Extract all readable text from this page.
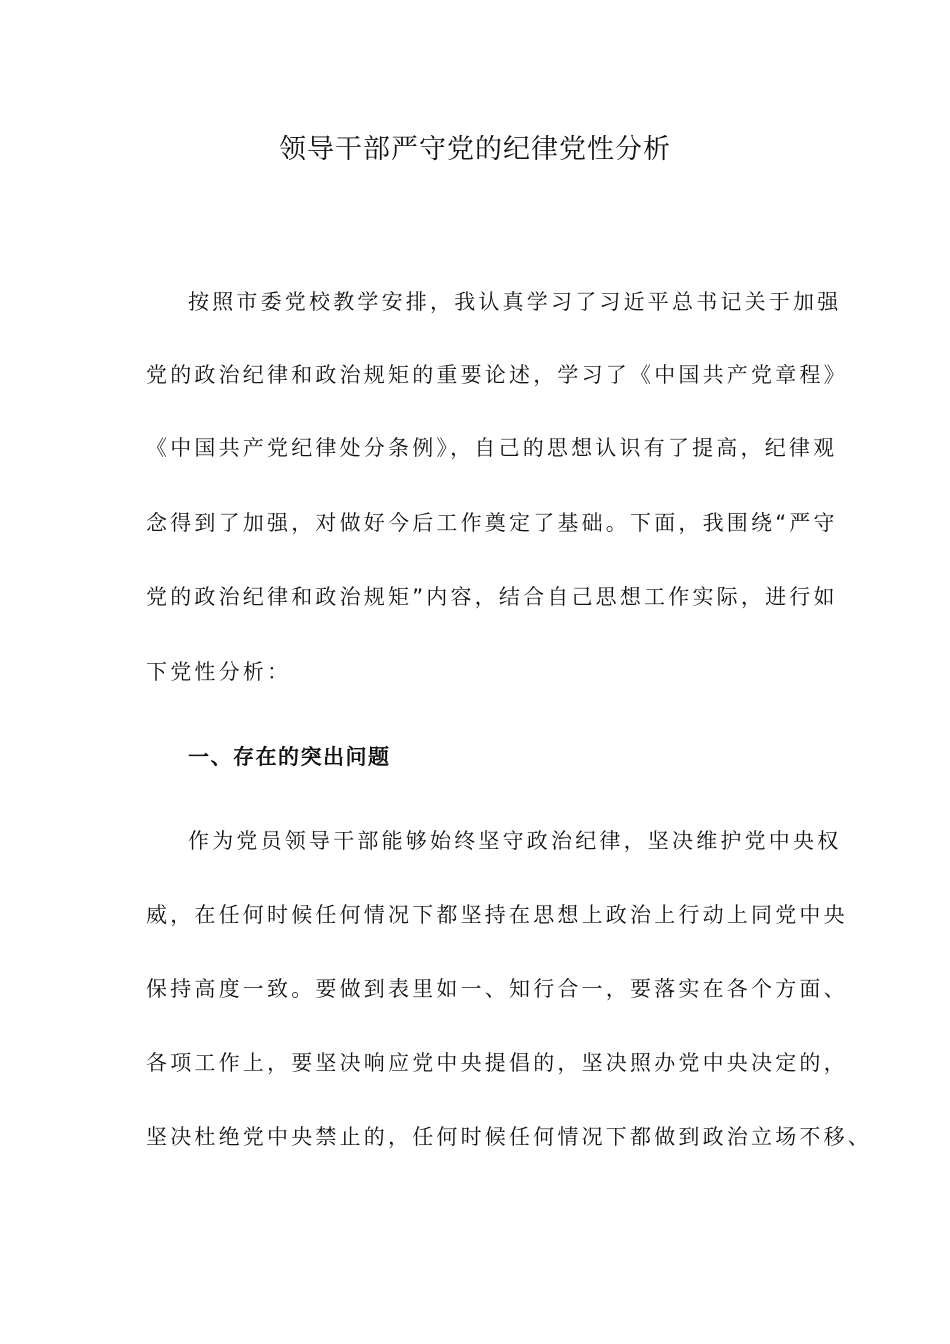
领导干部严守党的纪律党性分析
按照市委党校教学安排，我认真学习了习近平总书记关于加强
党的政治纪律和政治规矩的重要论述，学习了《中国共产党章程》
《中国共产党纪律处分条例》，自己的思想认识有了提高，纪律观
念得到了加强，对做好今后工作奠定了基础。下面，我围绕“严守
党的政治纪律和政治规矩”内容，结合自己思想工作实际，进行如
下党性分析：
一、存在的突出问题
作为党员领导干部能够始终坚守政治纪律，坚决维护党中央权
威，在任何时候任何情况下都坚持在思想上政治上行动上同党中央
保持高度一致。要做到表里如一、知行合一，要落实在各个方面、
各项工作上，要坚决响应党中央提倡的，坚决照办党中央决定的，
坚决杜绝党中央禁止的，任何时候任何情况下都做到政治立场不移、
